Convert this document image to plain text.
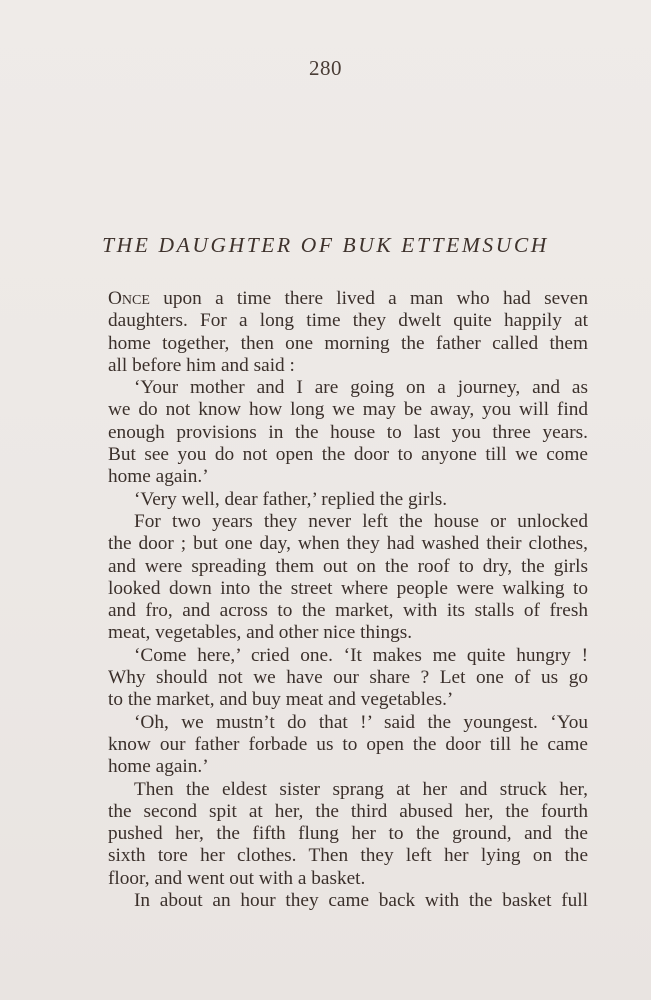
280
THE DAUGHTER OF BUK ETTEMSUCH
Once upon a time there lived a man who had seven
daughters. For a long time they dwelt quite happily at
home together, then one morning the father called them
all before him and said :
‘Your mother and I are going on a journey, and as
we do not know how long we may be away, you will find
enough provisions in the house to last you three years.
But see you do not open the door to anyone till we come
home again.’
‘Very well, dear father,’ replied the girls.
For two years they never left the house or unlocked
the door ; but one day, when they had washed their clothes,
and were spreading them out on the roof to dry, the girls
looked down into the street where people were walking to
and fro, and across to the market, with its stalls of fresh
meat, vegetables, and other nice things.
‘Come here,’ cried one. ‘It makes me quite hungry !
Why should not we have our share ? Let one of us go
to the market, and buy meat and vegetables.’
‘Oh, we mustn’t do that !’ said the youngest. ‘You
know our father forbade us to open the door till he came
home again.’
Then the eldest sister sprang at her and struck her,
the second spit at her, the third abused her, the fourth
pushed her, the fifth flung her to the ground, and the
sixth tore her clothes. Then they left her lying on the
floor, and went out with a basket.
In about an hour they came back with the basket full
